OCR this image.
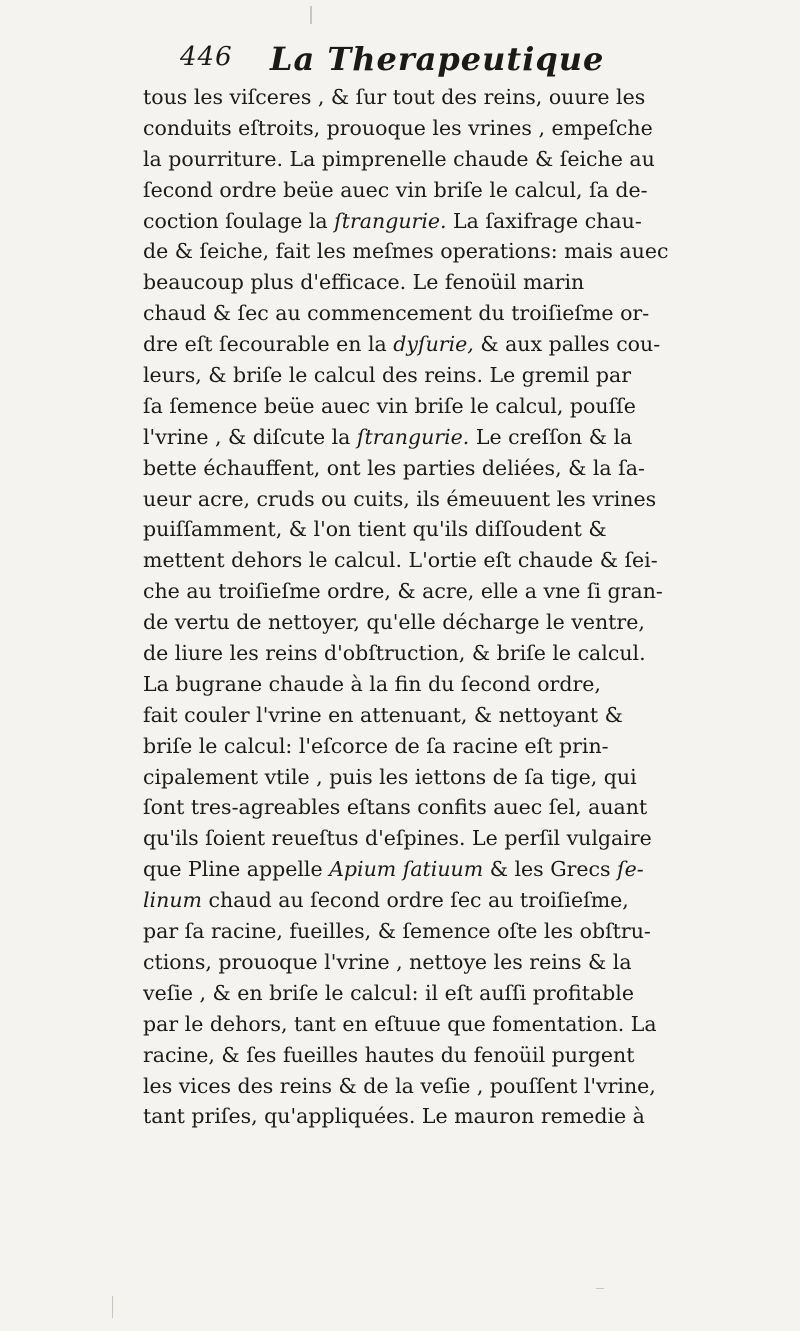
446 La Therapeutique
tous les viſceres , & ſur tout des reins, ouure les
conduits eſtroits, prouoque les vrines , empeſche
la pourriture. La pimprenelle chaude & ſeiche au
ſecond ordre beüe auec vin briſe le calcul, ſa de-
coction ſoulage la ſtrangurie. La ſaxifrage chau-
de & ſeiche, fait les meſmes operations: mais auec
beaucoup plus d'efficace. Le fenoüil marin
chaud & ſec au commencement du troiſieſme or-
dre eſt ſecourable en la dyſurie, & aux palles cou-
leurs, & briſe le calcul des reins. Le gremil par
ſa ſemence beüe auec vin briſe le calcul, pouſſe
l'vrine , & diſcute la ſtrangurie. Le creſſon & la
bette échauffent, ont les parties deliées, & la ſa-
ueur acre, cruds ou cuits, ils émeuuent les vrines
puiſſamment, & l'on tient qu'ils diſſoudent &
mettent dehors le calcul. L'ortie eſt chaude & ſei-
che au troiſieſme ordre, & acre, elle a vne ſi gran-
de vertu de nettoyer, qu'elle décharge le ventre,
de liure les reins d'obſtruction, & briſe le calcul.
La bugrane chaude à la fin du ſecond ordre,
fait couler l'vrine en attenuant, & nettoyant &
briſe le calcul: l'eſcorce de ſa racine eſt prin-
cipalement vtile , puis les iettons de ſa tige, qui
ſont tres-agreables eſtans confits auec ſel, auant
qu'ils ſoient reueſtus d'eſpines. Le perſil vulgaire
que Pline appelle Apium ſatiuum & les Grecs ſe-
linum chaud au ſecond ordre ſec au troiſieſme,
par ſa racine, fueilles, & ſemence oſte les obſtru-
ctions, prouoque l'vrine , nettoye les reins & la
veſie , & en briſe le calcul: il eſt auſſi profitable
par le dehors, tant en eſtuue que fomentation. La
racine, & ſes fueilles hautes du fenoüil purgent
les vices des reins & de la veſie , pouſſent l'vrine,
tant priſes, qu'appliquées. Le mauron remedie à
